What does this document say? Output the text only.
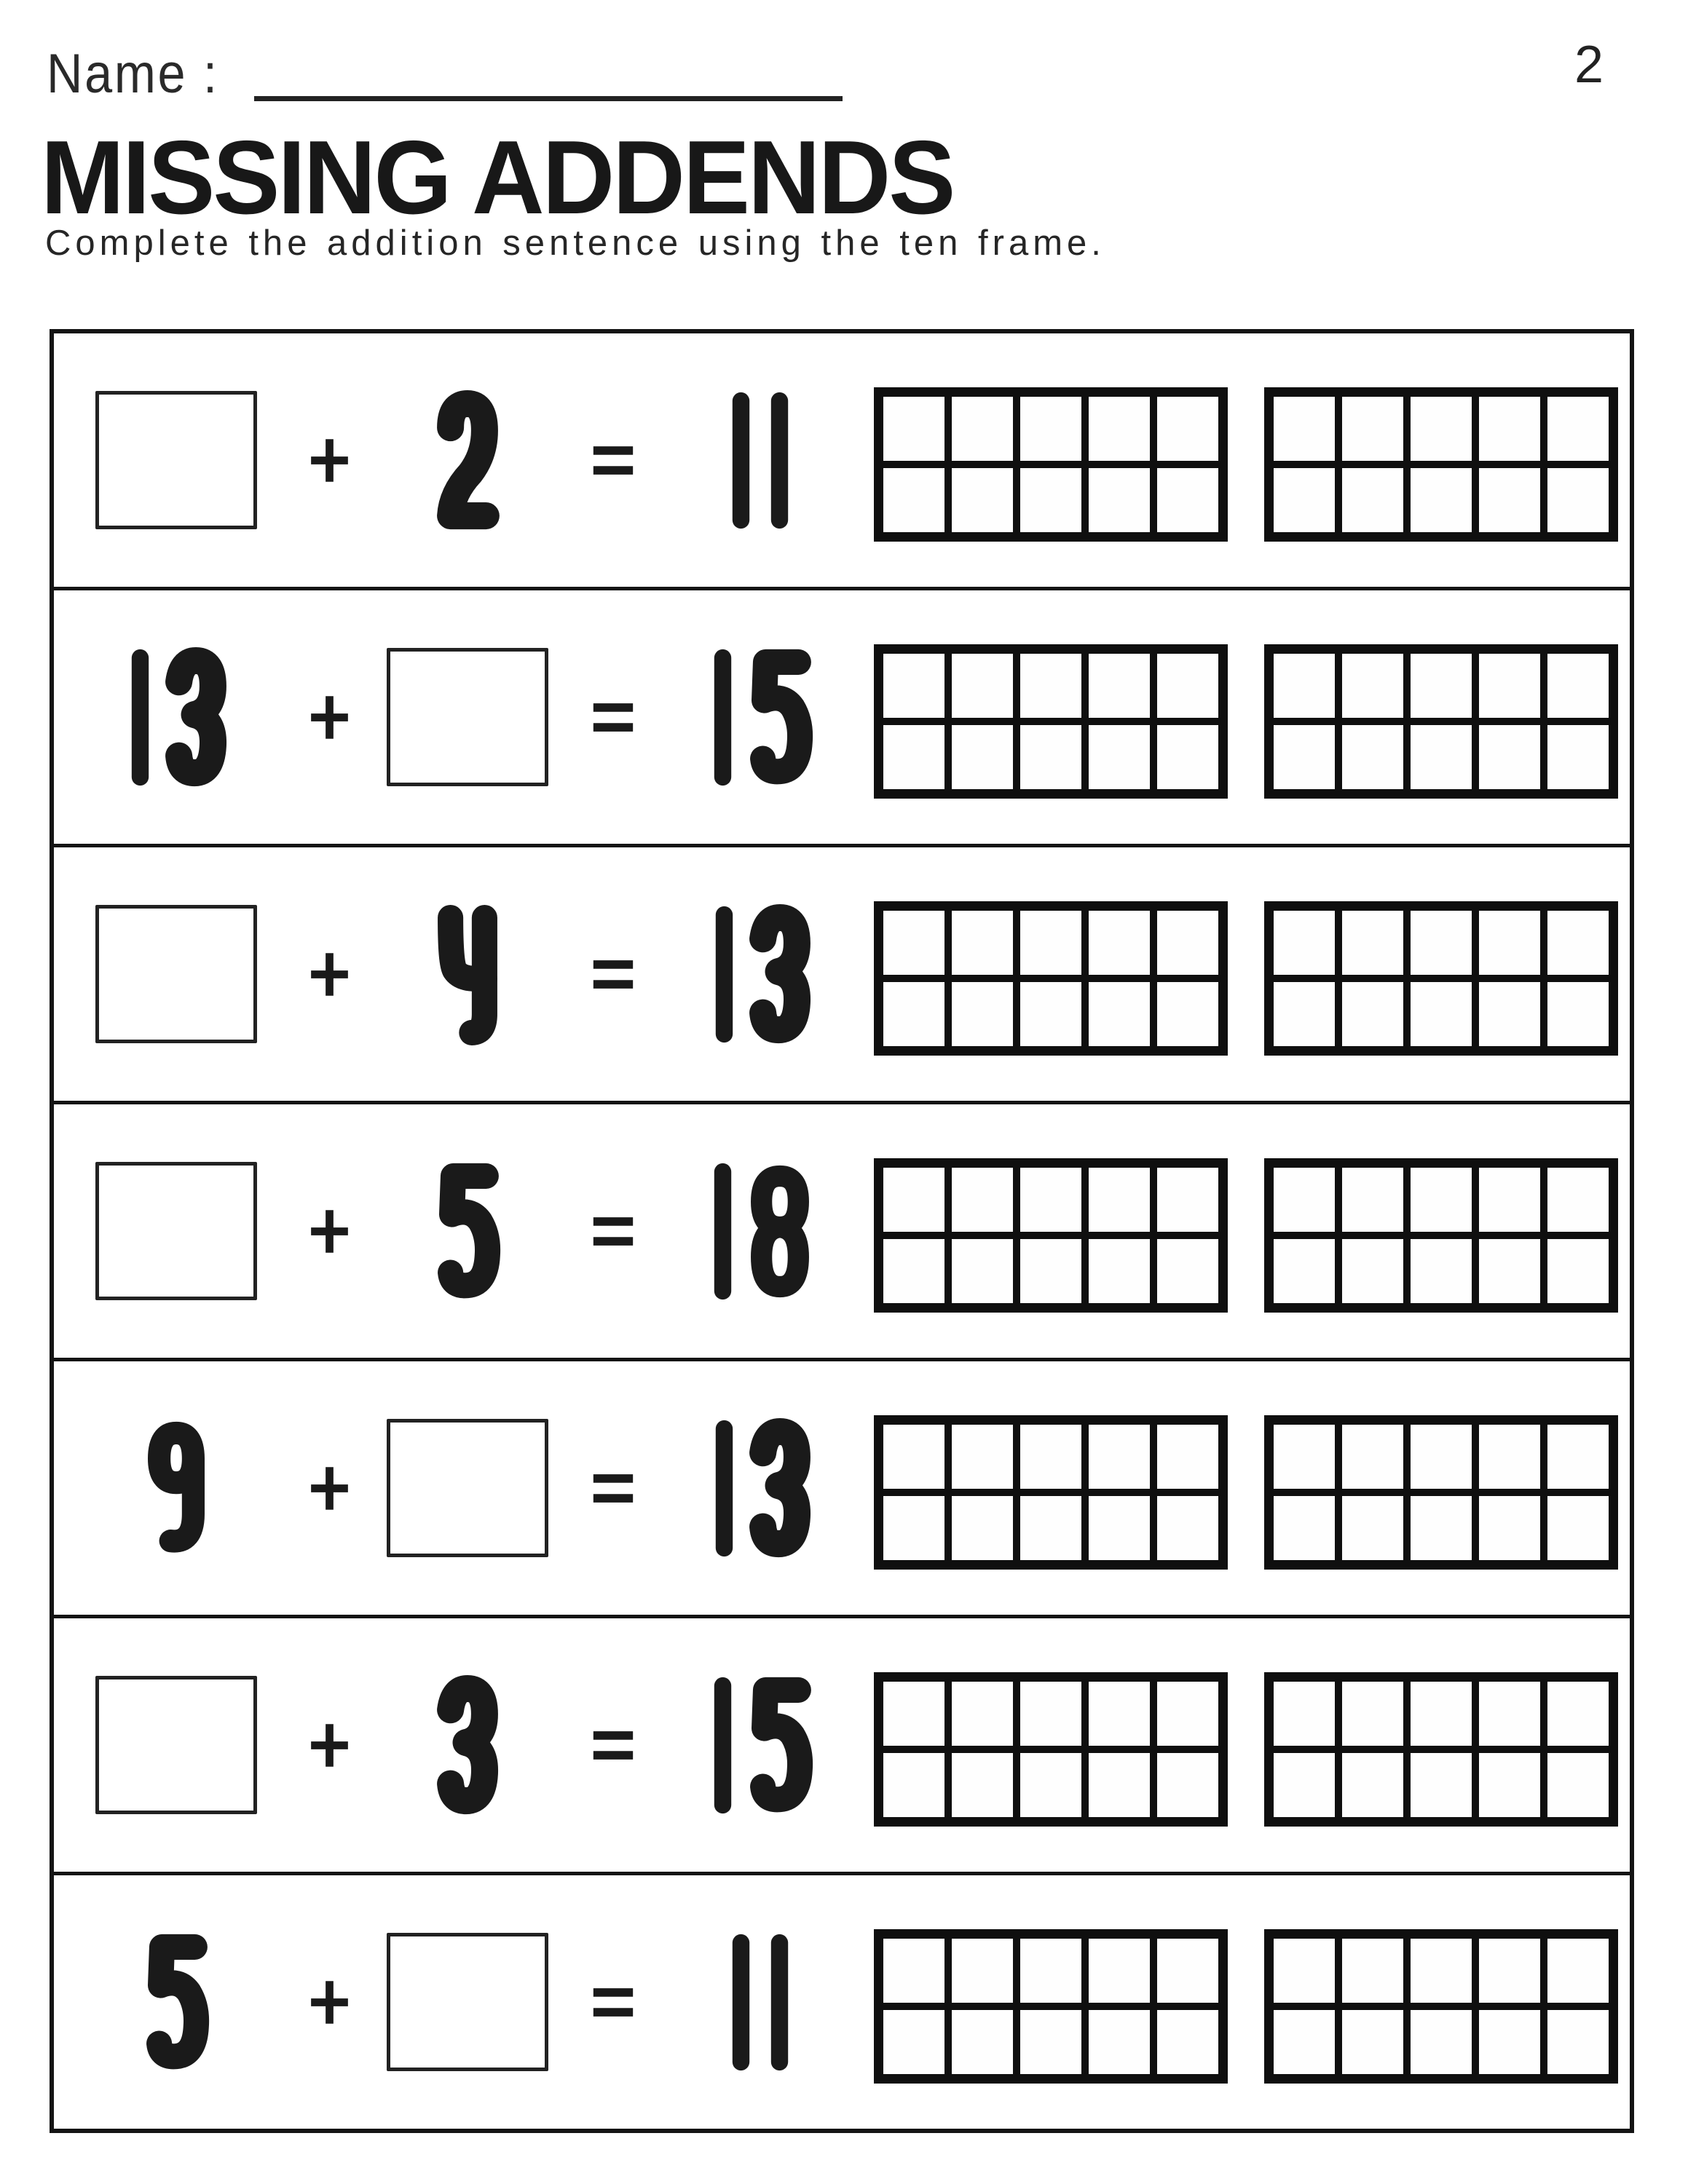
Name :	2
MISSING ADDENDS
Complete the addition sentence using the ten frame.
